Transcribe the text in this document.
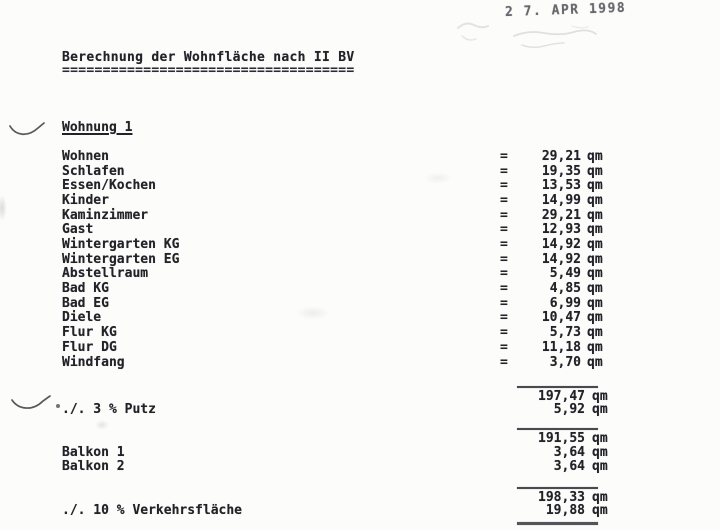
2 7. APR 1998
Berechnung der Wohnfläche nach II BV
====================================
Wohnung 1
Wohnen	=	29,21 qm
Schlafen	=	19,35 qm
Essen/Kochen	=	13,53 qm
Kinder	=	14,99 qm
Kaminzimmer	=	29,21 qm
Gast	=	12,93 qm
Wintergarten KG	=	14,92 qm
Wintergarten EG	=	14,92 qm
Abstellraum	=	5,49 qm
Bad KG	=	4,85 qm
Bad EG	=	6,99 qm
Diele	=	10,47 qm
Flur KG	=	5,73 qm
Flur DG	=	11,18 qm
Windfang	=	3,70 qm
197,47 qm
./. 3 % Putz	5,92 qm
191,55 qm
Balkon 1	3,64 qm
Balkon 2	3,64 qm
198,33 qm
./. 10 % Verkehrsfläche	19,88 qm
